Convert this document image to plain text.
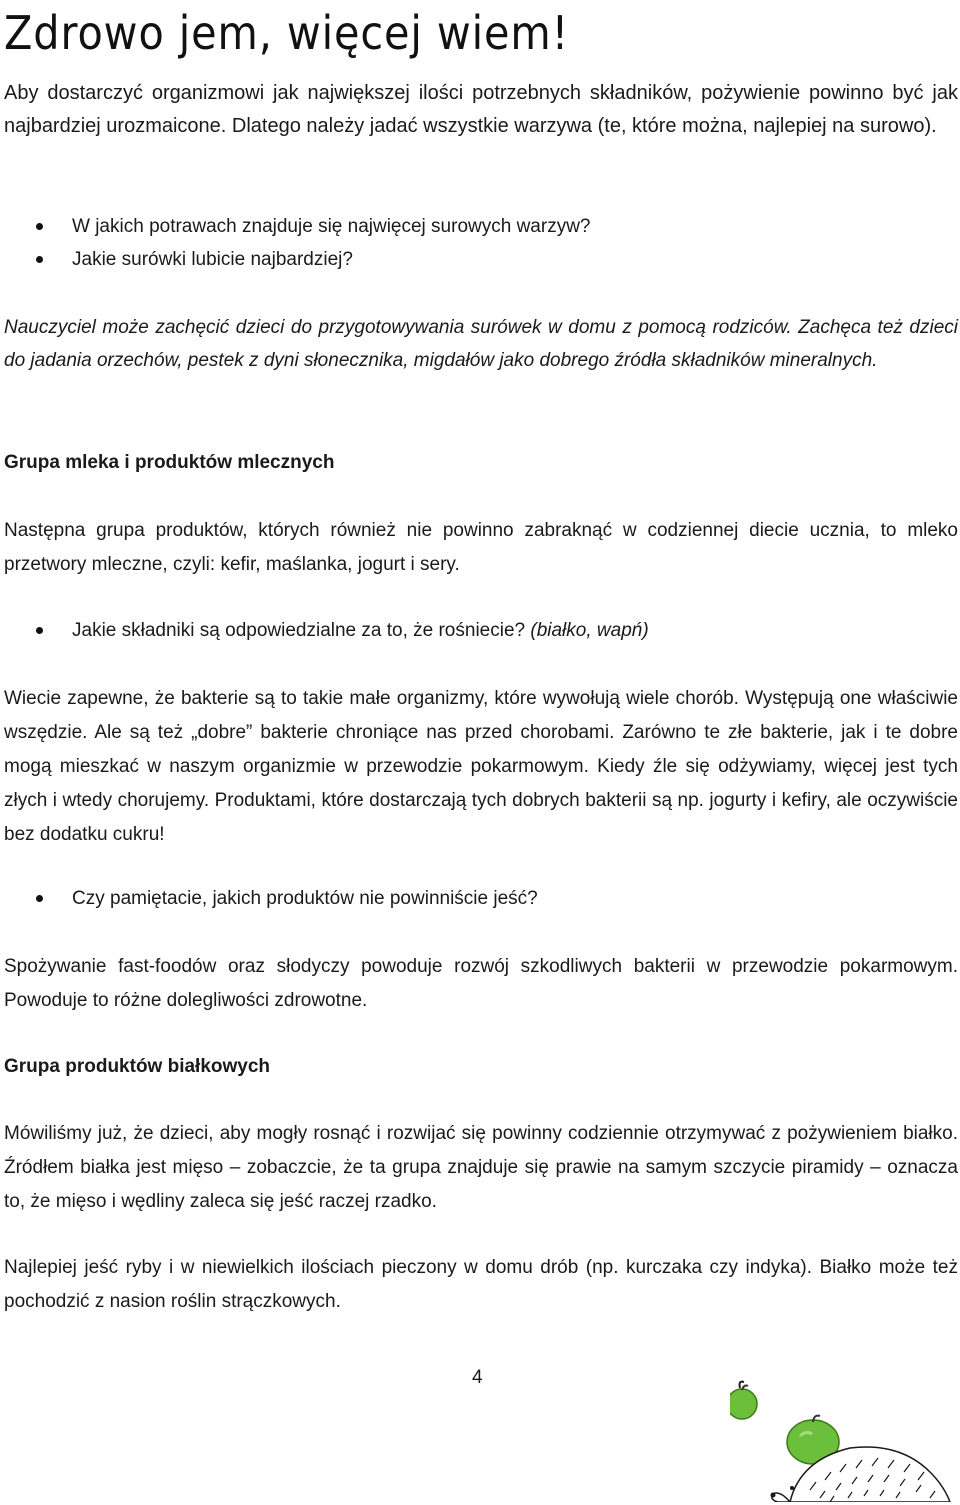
Zdrowo jem, więcej wiem!

Aby dostarczyć organizmowi jak największej ilości potrzebnych składników, pożywienie powinno być jak najbardziej urozmaicone. Dlatego należy jadać wszystkie warzywa (te, które można, najlepiej na surowo).

W jakich potrawach znajduje się najwięcej surowych warzyw?
Jakie surówki lubicie najbardziej?

Nauczyciel może zachęcić dzieci do przygotowywania surówek w domu z pomocą rodziców. Zachęca też dzieci do jadania orzechów, pestek z dyni słonecznika, migdałów jako dobrego źródła składników mineralnych.

Grupa mleka i produktów mlecznych

Następna grupa produktów, których również nie powinno zabraknąć w codziennej diecie ucznia, to mleko przetwory mleczne, czyli: kefir, maślanka, jogurt i sery.

Jakie składniki są odpowiedzialne za to, że rośniecie? (białko, wapń)

Wiecie zapewne, że bakterie są to takie małe organizmy, które wywołują wiele chorób. Występują one właściwie wszędzie. Ale są też „dobre” bakterie chroniące nas przed chorobami. Zarówno te złe bakterie, jak i te dobre mogą mieszkać w naszym organizmie w przewodzie pokarmowym. Kiedy źle się odżywiamy, więcej jest tych złych i wtedy chorujemy. Produktami, które dostarczają tych dobrych bakterii są np. jogurty i kefiry, ale oczywiście bez dodatku cukru!

Czy pamiętacie, jakich produktów nie powinniście jeść?

Spożywanie fast-foodów oraz słodyczy powoduje rozwój szkodliwych bakterii w przewodzie pokarmowym. Powoduje to różne dolegliwości zdrowotne.

Grupa produktów białkowych

Mówiliśmy już, że dzieci, aby mogły rosnąć i rozwijać się powinny codziennie otrzymywać z pożywieniem białko. Źródłem białka jest mięso – zobaczcie, że ta grupa znajduje się prawie na samym szczycie piramidy – oznacza to, że mięso i wędliny zaleca się jeść raczej rzadko.

Najlepiej jeść ryby i w niewielkich ilościach pieczony w domu drób (np. kurczaka czy indyka). Białko może też pochodzić z nasion roślin strączkowych.

4
